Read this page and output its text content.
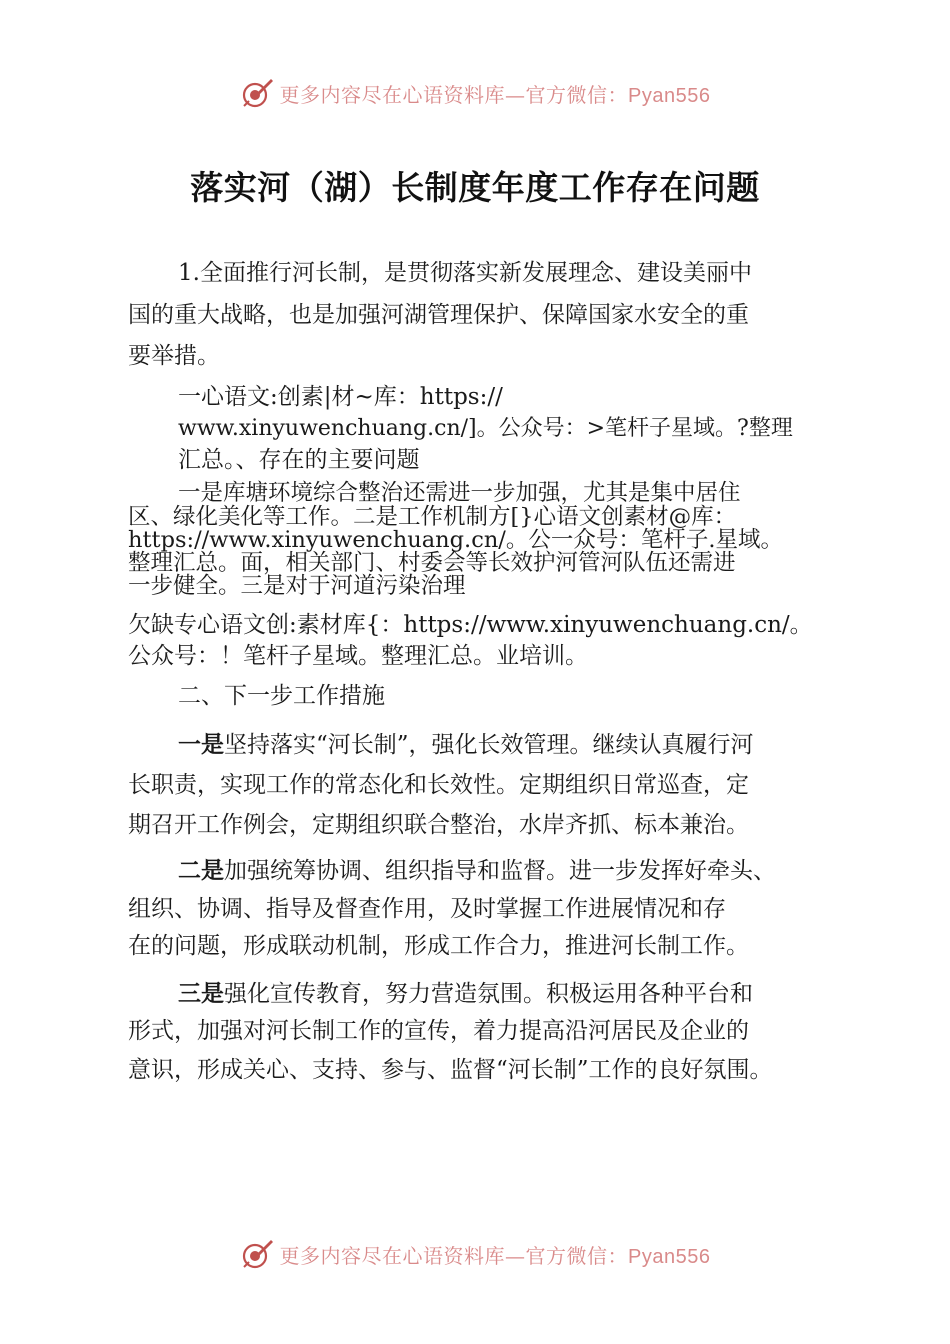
更多内容尽在心语资料库—官方微信：Pyan556
落实河（湖）长制度年度工作存在问题
1.全面推行河长制，是贯彻落实新发展理念、建设美丽中
国的重大战略，也是加强河湖管理保护、保障国家水安全的重
要举措。
一心语文:创素|材~库：https://
www.xinyuwenchuang.cn/]。公众号：>笔杆子星域。?整理
汇总。、存在的主要问题
一是库塘环境综合整治还需进一步加强，尤其是集中居住
区、绿化美化等工作。二是工作机制方[}心语文创素材@库：
https://www.xinyuwenchuang.cn/。公一众号：笔杆子.星域。
整理汇总。面，相关部门、村委会等长效护河管河队伍还需进
一步健全。三是对于河道污染治理
欠缺专心语文创:素材库{：https://www.xinyuwenchuang.cn/。
公众号：！笔杆子星域。整理汇总。业培训。
二、下一步工作措施
一是坚持落实“河长制”，强化长效管理。继续认真履行河
长职责，实现工作的常态化和长效性。定期组织日常巡查，定
期召开工作例会，定期组织联合整治，水岸齐抓、标本兼治。
二是加强统筹协调、组织指导和监督。进一步发挥好牵头、
组织、协调、指导及督查作用，及时掌握工作进展情况和存
在的问题，形成联动机制，形成工作合力，推进河长制工作。
三是强化宣传教育，努力营造氛围。积极运用各种平台和
形式，加强对河长制工作的宣传，着力提高沿河居民及企业的
意识，形成关心、支持、参与、监督“河长制”工作的良好氛围。
更多内容尽在心语资料库—官方微信：Pyan556
